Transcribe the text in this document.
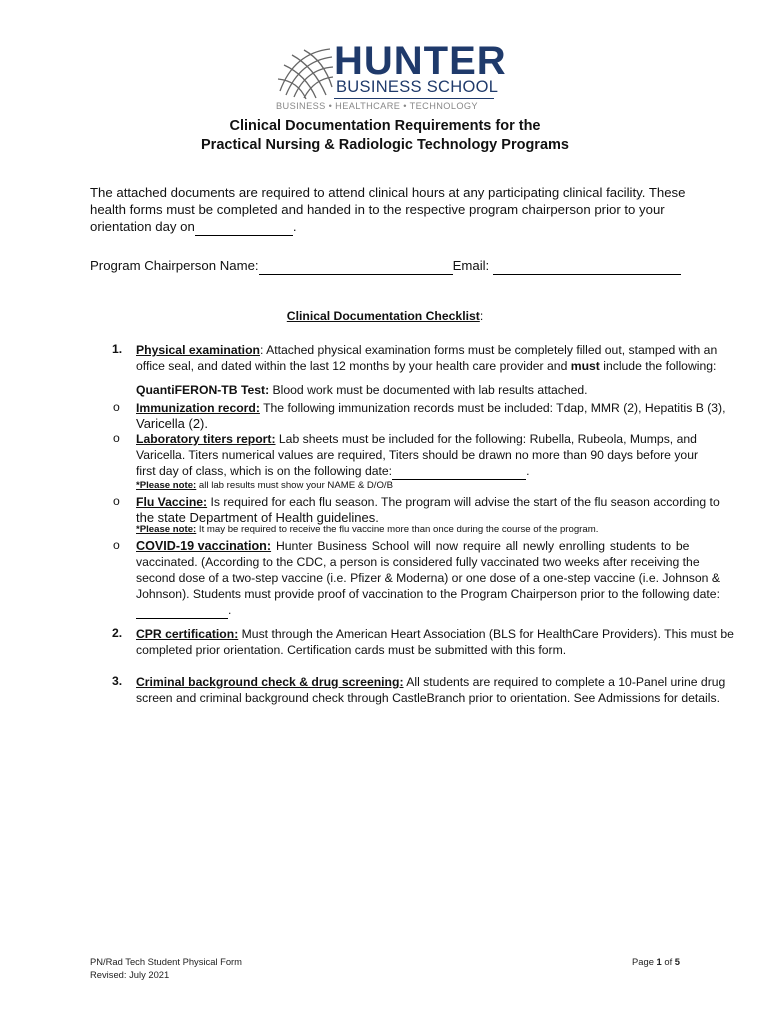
HUNTER
BUSINESS SCHOOL
BUSINESS • HEALTHCARE • TECHNOLOGY
Clinical Documentation Requirements for the
Practical Nursing & Radiologic Technology Programs
The attached documents are required to attend clinical hours at any participating clinical facility. These
health forms must be completed and handed in to the respective program chairperson prior to your
orientation day on	.
Program Chairperson Name:	Email:
Clinical Documentation Checklist:
1. Physical examination: Attached physical examination forms must be completely filled out, stamped with an
office seal, and dated within the last 12 months by your health care provider and must include the following:
QuantiFERON-TB Test: Blood work must be documented with lab results attached.
o Immunization record: The following immunization records must be included: Tdap, MMR (2), Hepatitis B (3),
Varicella (2).
o Laboratory titers report: Lab sheets must be included for the following: Rubella, Rubeola, Mumps, and
Varicella. Titers numerical values are required, Titers should be drawn no more than 90 days before your
first day of class, which is on the following date:	.
*Please note: all lab results must show your NAME & D/O/B
o Flu Vaccine: Is required for each flu season. The program will advise the start of the flu season according to
the state Department of Health guidelines.
*Please note: It may be required to receive the flu vaccine more than once during the course of the program.
o COVID-19 vaccination: Hunter Business School will now require all newly enrolling students to be
vaccinated. (According to the CDC, a person is considered fully vaccinated two weeks after receiving the
second dose of a two-step vaccine (i.e. Pfizer & Moderna) or one dose of a one-step vaccine (i.e. Johnson &
Johnson). Students must provide proof of vaccination to the Program Chairperson prior to the following date:
.
2. CPR certification: Must through the American Heart Association (BLS for HealthCare Providers). This must be
completed prior orientation. Certification cards must be submitted with this form.
3. Criminal background check & drug screening: All students are required to complete a 10-Panel urine drug
screen and criminal background check through CastleBranch prior to orientation. See Admissions for details.
PN/Rad Tech Student Physical Form
Revised: July 2021
Page 1 of 5
